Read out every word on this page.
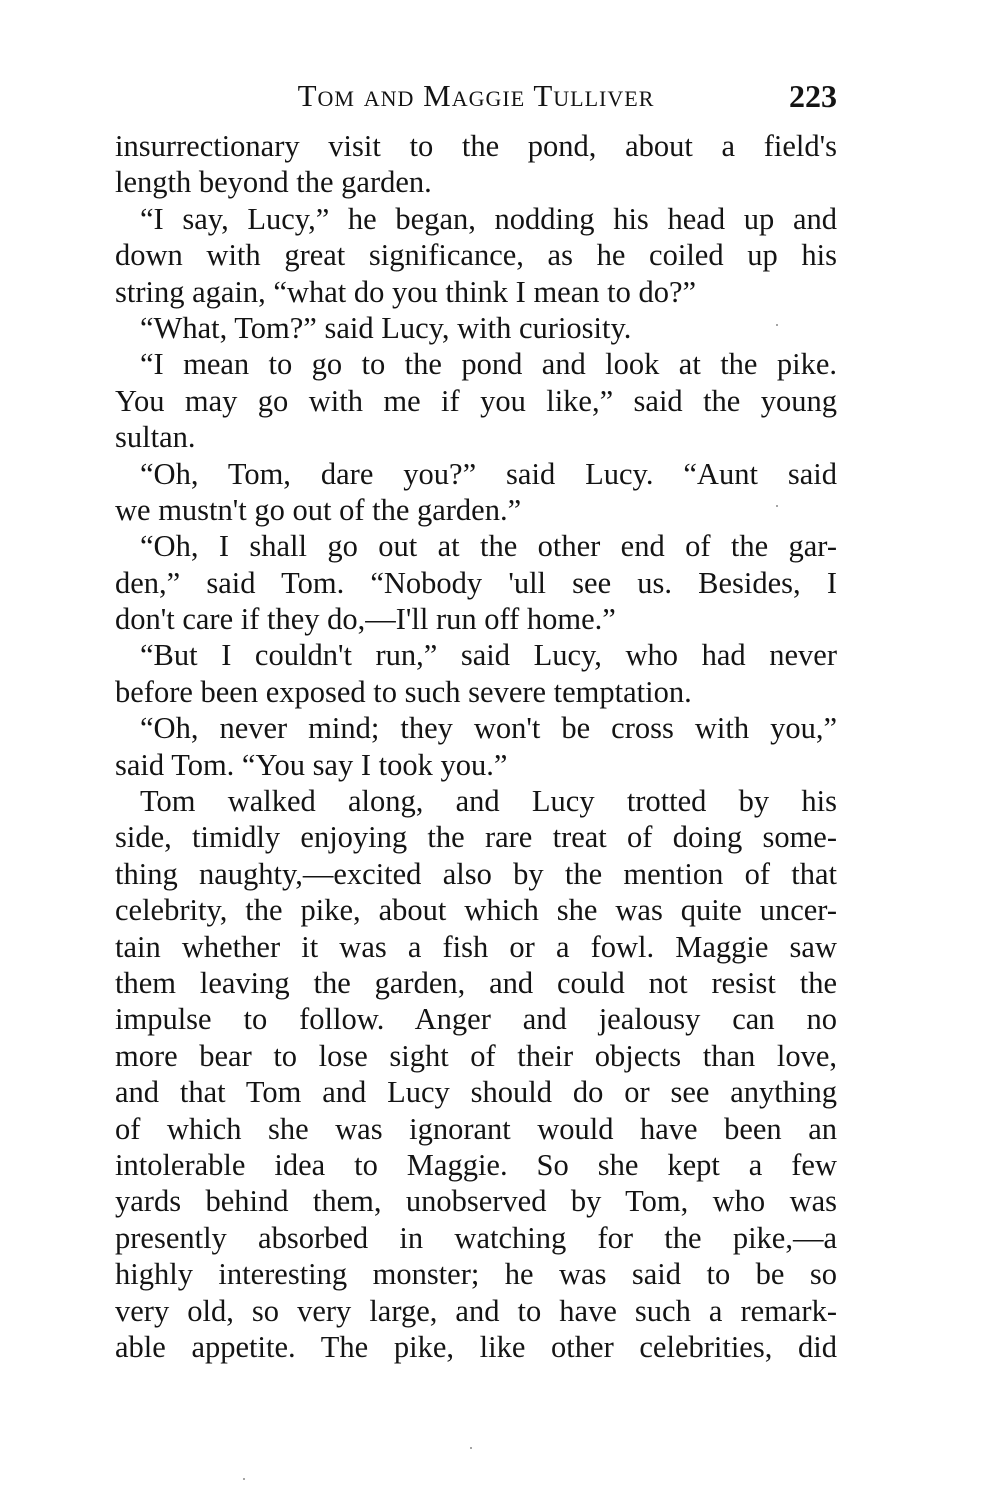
Tom and Maggie Tulliver	223
insurrectionary visit to the pond, about a field's
length beyond the garden.
“I say, Lucy,” he began, nodding his head up and
down with great significance, as he coiled up his
string again, “what do you think I mean to do?”
“What, Tom?” said Lucy, with curiosity.
“I mean to go to the pond and look at the pike.
You may go with me if you like,” said the young
sultan.
“Oh, Tom, dare you?” said Lucy. “Aunt said
we mustn't go out of the garden.”
“Oh, I shall go out at the other end of the gar-
den,” said Tom. “Nobody 'ull see us. Besides, I
don't care if they do,—I'll run off home.”
“But I couldn't run,” said Lucy, who had never
before been exposed to such severe temptation.
“Oh, never mind; they won't be cross with you,”
said Tom. “You say I took you.”
Tom walked along, and Lucy trotted by his
side, timidly enjoying the rare treat of doing some-
thing naughty,—excited also by the mention of that
celebrity, the pike, about which she was quite uncer-
tain whether it was a fish or a fowl. Maggie saw
them leaving the garden, and could not resist the
impulse to follow. Anger and jealousy can no
more bear to lose sight of their objects than love,
and that Tom and Lucy should do or see anything
of which she was ignorant would have been an
intolerable idea to Maggie. So she kept a few
yards behind them, unobserved by Tom, who was
presently absorbed in watching for the pike,—a
highly interesting monster; he was said to be so
very old, so very large, and to have such a remark-
able appetite. The pike, like other celebrities, did
